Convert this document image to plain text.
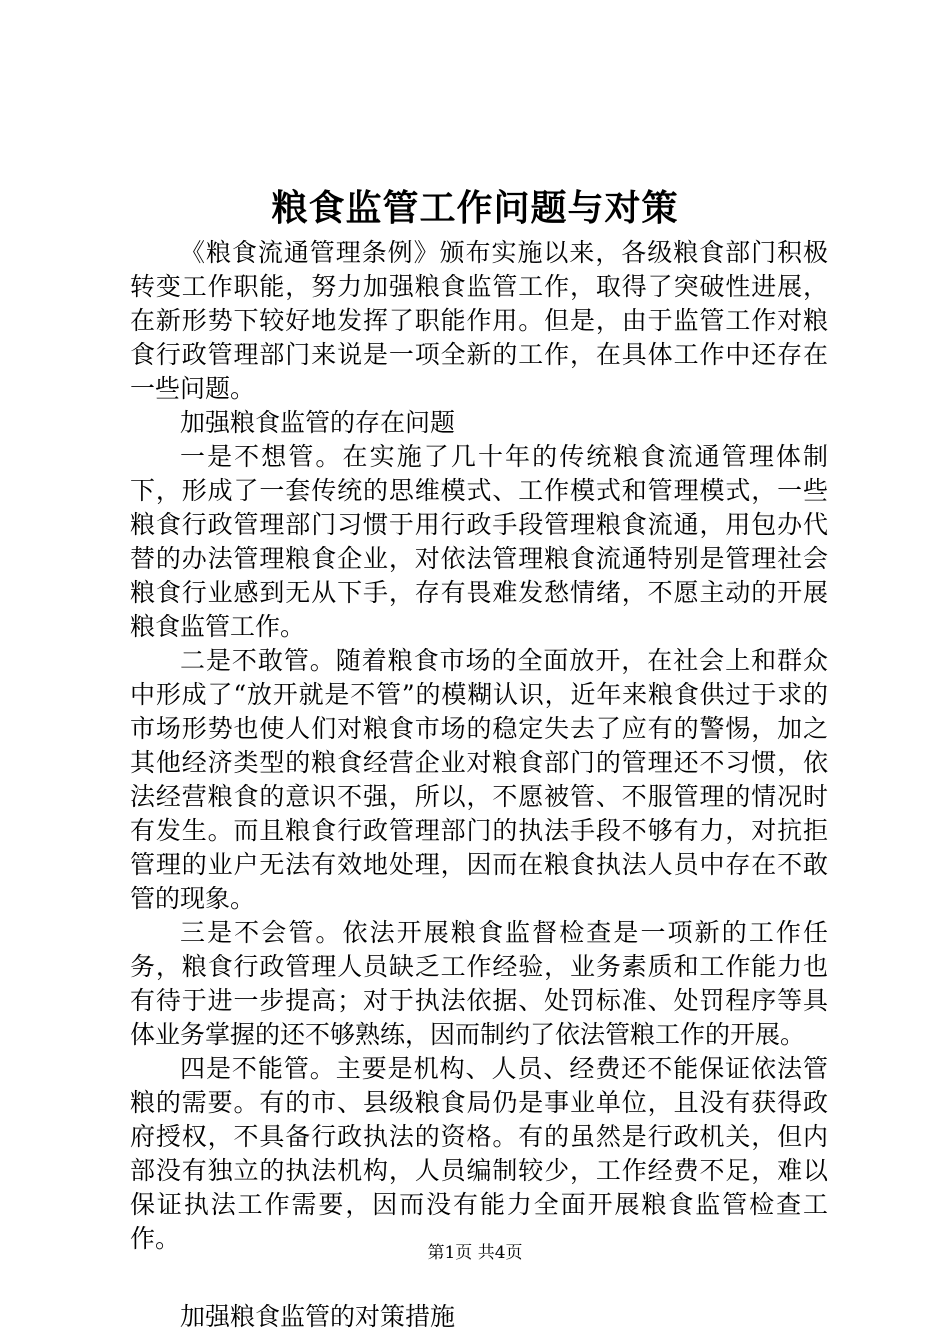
粮食监管工作问题与对策

《粮食流通管理条例》颁布实施以来，各级粮食部门积极转变工作职能，努力加强粮食监管工作，取得了突破性进展，在新形势下较好地发挥了职能作用。但是，由于监管工作对粮食行政管理部门来说是一项全新的工作，在具体工作中还存在一些问题。

加强粮食监管的存在问题

一是不想管。在实施了几十年的传统粮食流通管理体制下，形成了一套传统的思维模式、工作模式和管理模式，一些粮食行政管理部门习惯于用行政手段管理粮食流通，用包办代替的办法管理粮食企业，对依法管理粮食流通特别是管理社会粮食行业感到无从下手，存有畏难发愁情绪，不愿主动的开展粮食监管工作。

二是不敢管。随着粮食市场的全面放开，在社会上和群众中形成了“放开就是不管”的模糊认识，近年来粮食供过于求的市场形势也使人们对粮食市场的稳定失去了应有的警惕，加之其他经济类型的粮食经营企业对粮食部门的管理还不习惯，依法经营粮食的意识不强，所以，不愿被管、不服管理的情况时有发生。而且粮食行政管理部门的执法手段不够有力，对抗拒管理的业户无法有效地处理，因而在粮食执法人员中存在不敢管的现象。

三是不会管。依法开展粮食监督检查是一项新的工作任务，粮食行政管理人员缺乏工作经验，业务素质和工作能力也有待于进一步提高；对于执法依据、处罚标准、处罚程序等具体业务掌握的还不够熟练，因而制约了依法管粮工作的开展。

四是不能管。主要是机构、人员、经费还不能保证依法管粮的需要。有的市、县级粮食局仍是事业单位，且没有获得政府授权，不具备行政执法的资格。有的虽然是行政机关，但内部没有独立的执法机构，人员编制较少，工作经费不足，难以保证执法工作需要，因而没有能力全面开展粮食监管检查工作。

加强粮食监管的对策措施

第1页 共4页
